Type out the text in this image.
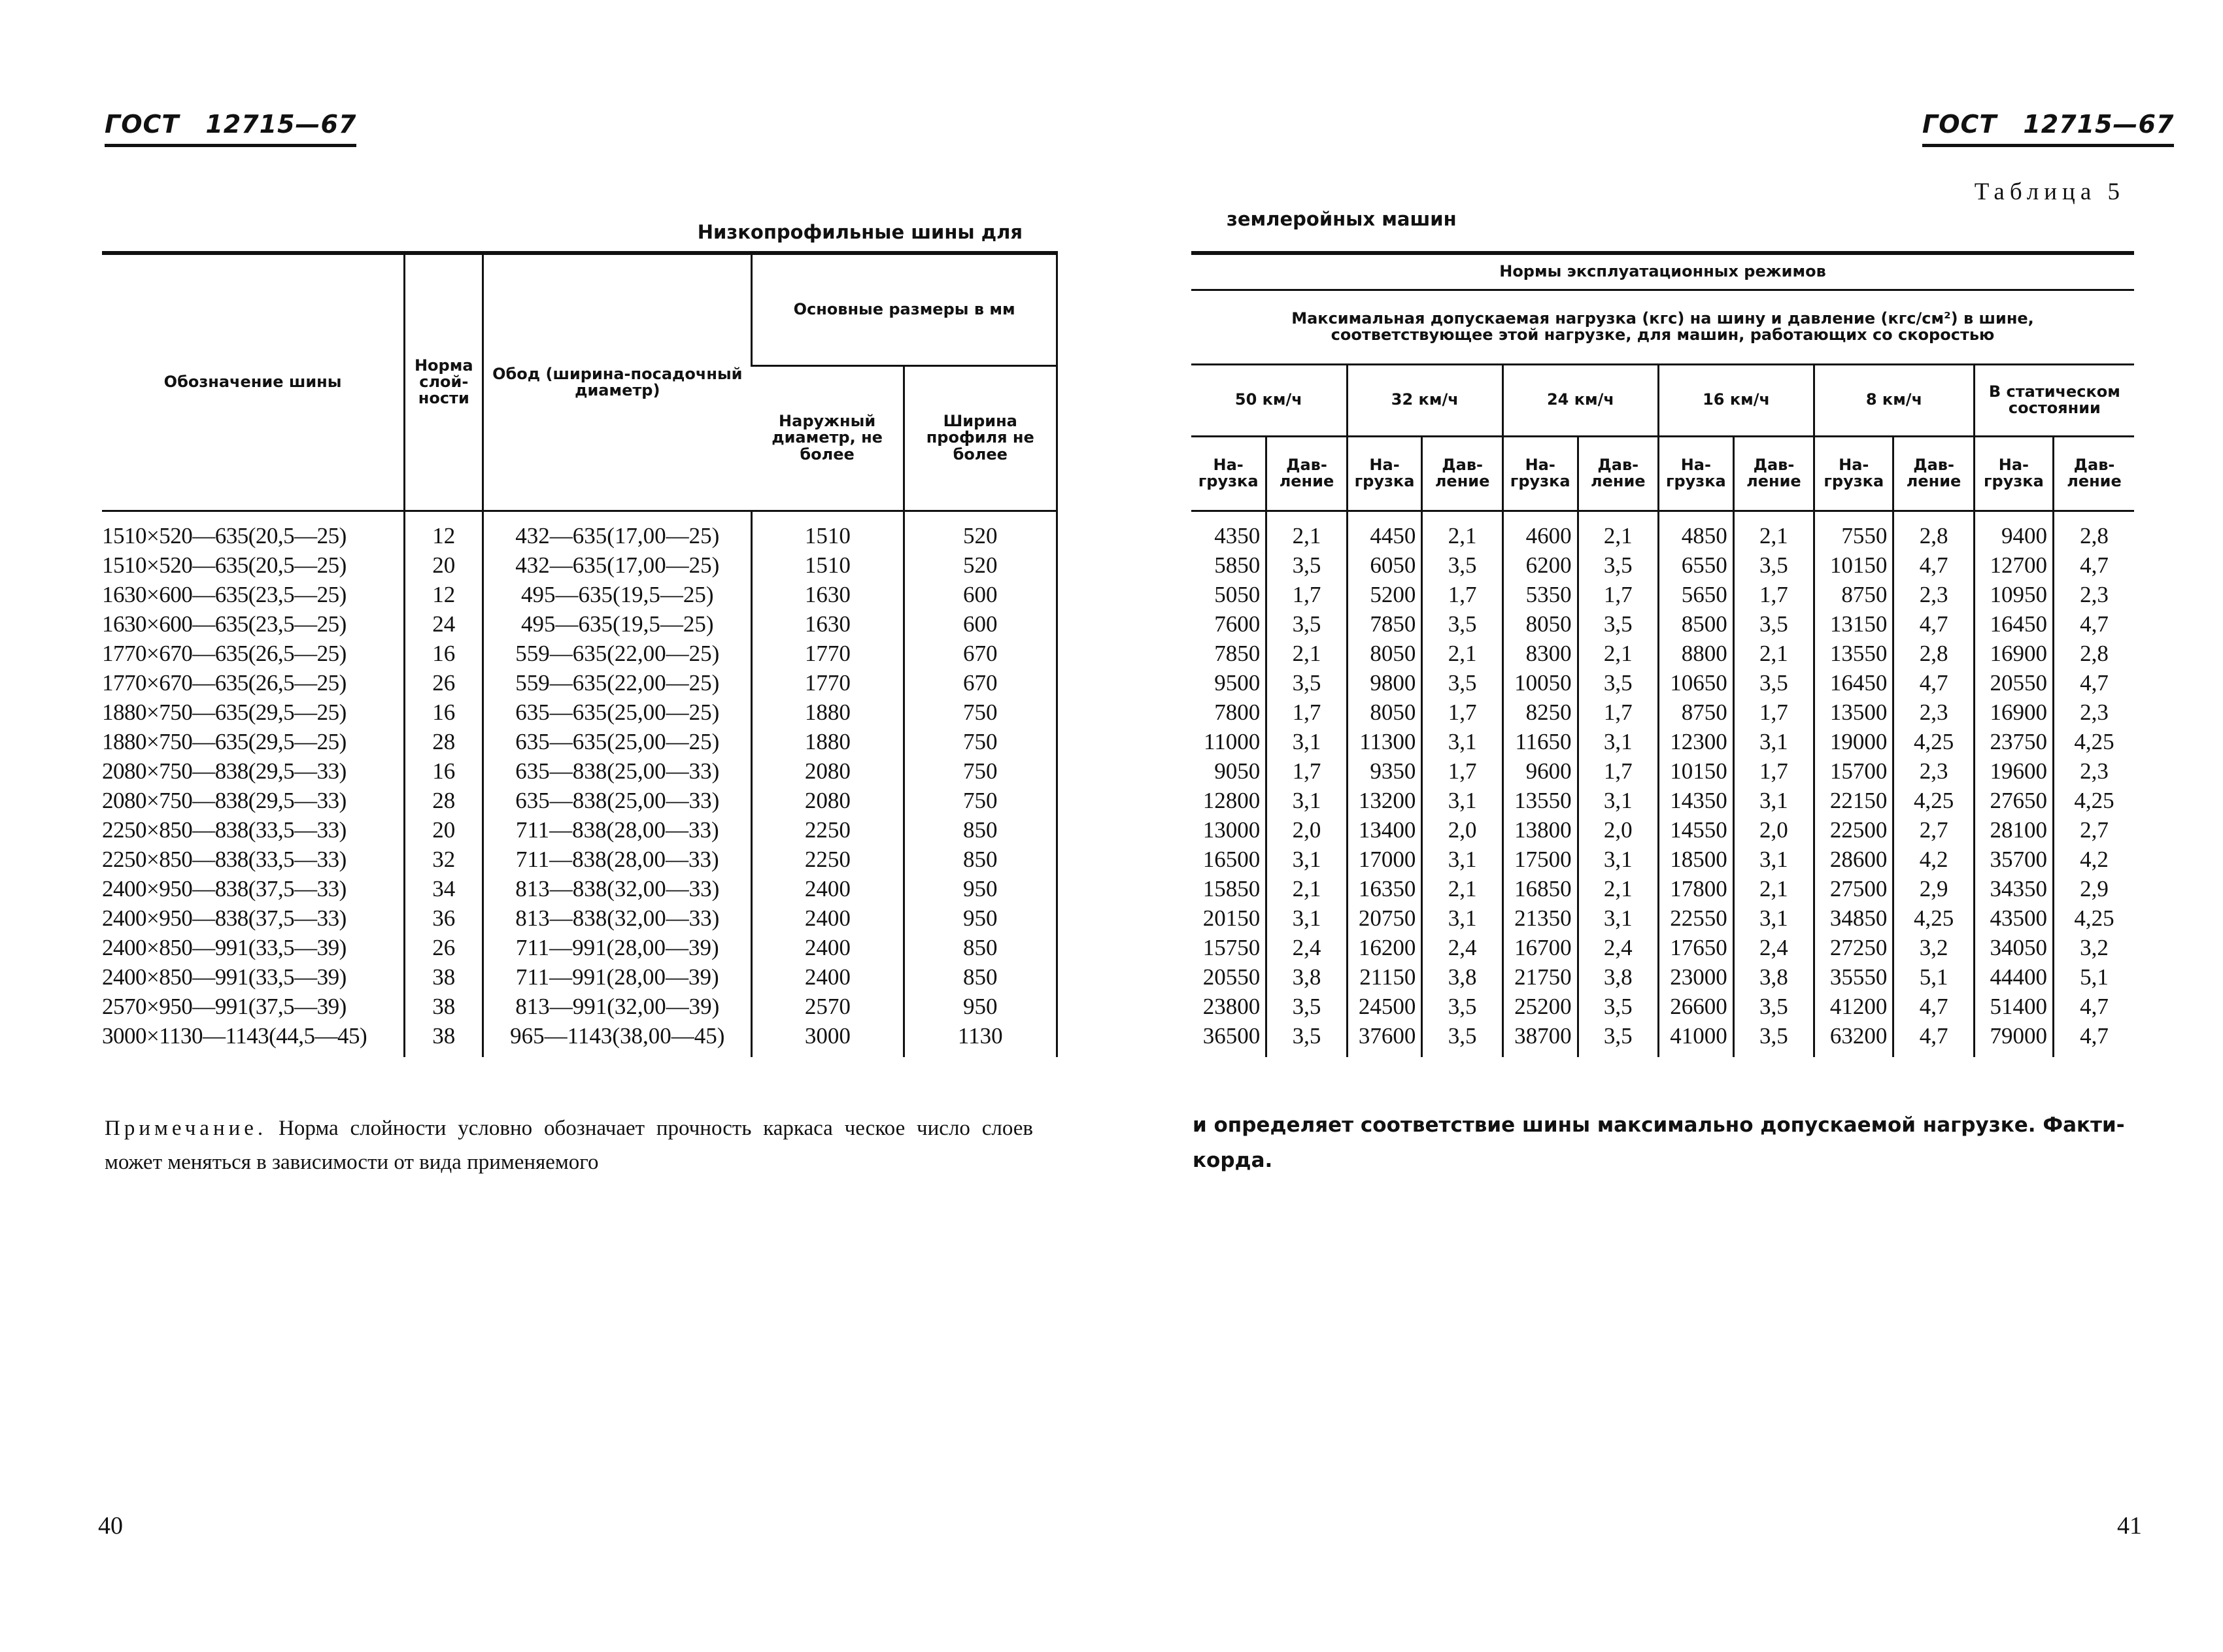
ГОСТ 12715—67
Низкопрофильные шины для
Обозначение шины	Норма слой-ности	Обод (ширина-посадочный диаметр)	Основные размеры в мм	
			Наружный диаметр, не более	Ширина профиля не более
1510×520—635(20,5—25)	12	432—635(17,00—25)	1510	520
1510×520—635(20,5—25)	20	432—635(17,00—25)	1510	520
1630×600—635(23,5—25)	12	495—635(19,5—25)	1630	600
1630×600—635(23,5—25)	24	495—635(19,5—25)	1630	600
1770×670—635(26,5—25)	16	559—635(22,00—25)	1770	670
1770×670—635(26,5—25)	26	559—635(22,00—25)	1770	670
1880×750—635(29,5—25)	16	635—635(25,00—25)	1880	750
1880×750—635(29,5—25)	28	635—635(25,00—25)	1880	750
2080×750—838(29,5—33)	16	635—838(25,00—33)	2080	750
2080×750—838(29,5—33)	28	635—838(25,00—33)	2080	750
2250×850—838(33,5—33)	20	711—838(28,00—33)	2250	850
2250×850—838(33,5—33)	32	711—838(28,00—33)	2250	850
2400×950—838(37,5—33)	34	813—838(32,00—33)	2400	950
2400×950—838(37,5—33)	36	813—838(32,00—33)	2400	950
2400×850—991(33,5—39)	26	711—991(28,00—39)	2400	850
2400×850—991(33,5—39)	38	711—991(28,00—39)	2400	850
2570×950—991(37,5—39)	38	813—991(32,00—39)	2570	950
3000×1130—1143(44,5—45)	38	965—1143(38,00—45)	3000	1130
Примечание. Норма слойности условно обозначает прочность каркаса ческое число слоев может меняться в зависимости от вида применяемого
40
ГОСТ 12715—67
Таблица 5
землеройных машин
Нормы эксплуатационных режимов											
Максимальная допускаемая нагрузка (кгс) на шину и давление (кгс/см²) в шине, соответствующее этой нагрузке, для машин, работающих со скоростью											
50 км/ч		32 км/ч		24 км/ч		16 км/ч		8 км/ч		В статическом состоянии	
На-грузка	Дав-ление	На-грузка	Дав-ление	На-грузка	Дав-ление	На-грузка	Дав-ление	На-грузка	Дав-ление	На-грузка	Дав-ление
4350	2,1	4450	2,1	4600	2,1	4850	2,1	7550	2,8	9400	2,8
5850	3,5	6050	3,5	6200	3,5	6550	3,5	10150	4,7	12700	4,7
5050	1,7	5200	1,7	5350	1,7	5650	1,7	8750	2,3	10950	2,3
7600	3,5	7850	3,5	8050	3,5	8500	3,5	13150	4,7	16450	4,7
7850	2,1	8050	2,1	8300	2,1	8800	2,1	13550	2,8	16900	2,8
9500	3,5	9800	3,5	10050	3,5	10650	3,5	16450	4,7	20550	4,7
7800	1,7	8050	1,7	8250	1,7	8750	1,7	13500	2,3	16900	2,3
11000	3,1	11300	3,1	11650	3,1	12300	3,1	19000	4,25	23750	4,25
9050	1,7	9350	1,7	9600	1,7	10150	1,7	15700	2,3	19600	2,3
12800	3,1	13200	3,1	13550	3,1	14350	3,1	22150	4,25	27650	4,25
13000	2,0	13400	2,0	13800	2,0	14550	2,0	22500	2,7	28100	2,7
16500	3,1	17000	3,1	17500	3,1	18500	3,1	28600	4,2	35700	4,2
15850	2,1	16350	2,1	16850	2,1	17800	2,1	27500	2,9	34350	2,9
20150	3,1	20750	3,1	21350	3,1	22550	3,1	34850	4,25	43500	4,25
15750	2,4	16200	2,4	16700	2,4	17650	2,4	27250	3,2	34050	3,2
20550	3,8	21150	3,8	21750	3,8	23000	3,8	35550	5,1	44400	5,1
23800	3,5	24500	3,5	25200	3,5	26600	3,5	41200	4,7	51400	4,7
36500	3,5	37600	3,5	38700	3,5	41000	3,5	63200	4,7	79000	4,7
и определяет соответствие шины максимально допускаемой нагрузке. Факти-корда.
41
